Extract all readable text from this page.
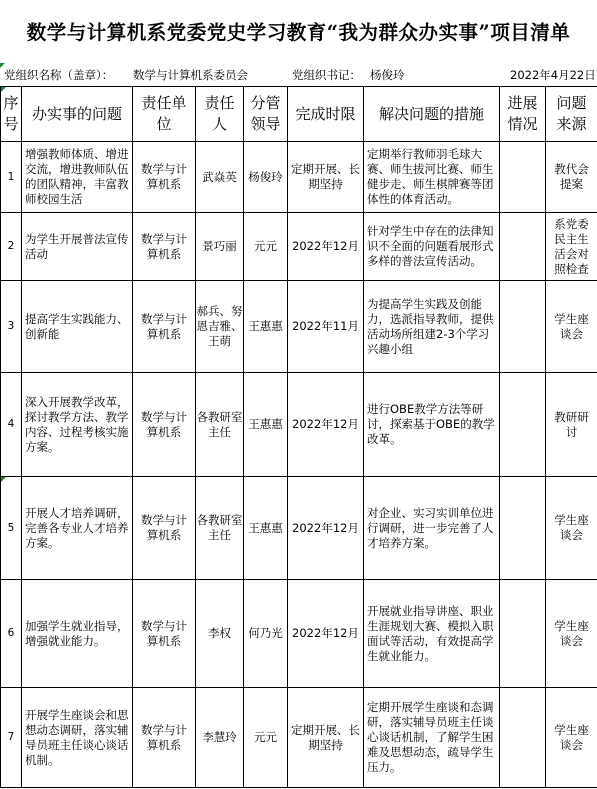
数学与计算机系党委党史学习教育“我为群众办实事”项目清单
党组织名称（盖章）： 数学与计算机系委员会	党组织书记： 杨俊玲	2022年4月22日
序号	办实事的问题	责任单位	责任人	分管领导	完成时限	解决问题的措施	进展情况	问题来源

1	增强教师体质、增进交流，增进教师队伍的团队精神，丰富教师校园生活	数学与计算机系	武焱英	杨俊玲	定期开展、长期坚持	定期举行教师羽毛球大赛、师生拔河比赛、师生健步走、师生棋牌赛等团体性的体育活动。		教代会提案

2	为学生开展普法宣传活动	数学与计算机系	景巧丽	元元	2022年12月	针对学生中存在的法律知识不全面的问题看展形式多样的普法宣传活动。		系党委民主生活会对照检查

3	提高学生实践能力、创新能	数学与计算机系	郝兵、努恩吉雅、王萌	王惠惠	2022年11月	为提高学生实践及创能力，选派指导教师，提供活动场所组建2-3个学习兴趣小组		学生座谈会

4	深入开展教学改革，探讨教学方法、教学内容、过程考核实施方案。	数学与计算机系	各教研室主任	王惠惠	2022年12月	进行OBE教学方法等研讨，探索基于OBE的教学改革。		教研研讨

5	开展人才培养调研，完善各专业人才培养方案。	数学与计算机系	各教研室主任	王惠惠	2022年12月	对企业、实习实训单位进行调研，进一步完善了人才培养方案。		学生座谈会

6	加强学生就业指导，增强就业能力。	数学与计算机系	李权	何乃光	2022年12月	开展就业指导讲座、职业生涯规划大赛、模拟入职面试等活动，有效提高学生就业能力。		学生座谈会

7	开展学生座谈会和思想动态调研，落实辅导员班主任谈心谈话机制。	数学与计算机系	李慧玲	元元	定期开展、长期坚持	定期开展学生座谈和态调研，落实辅导员班主任谈心谈话机制，了解学生困难及思想动态，疏导学生压力。		学生座谈会
